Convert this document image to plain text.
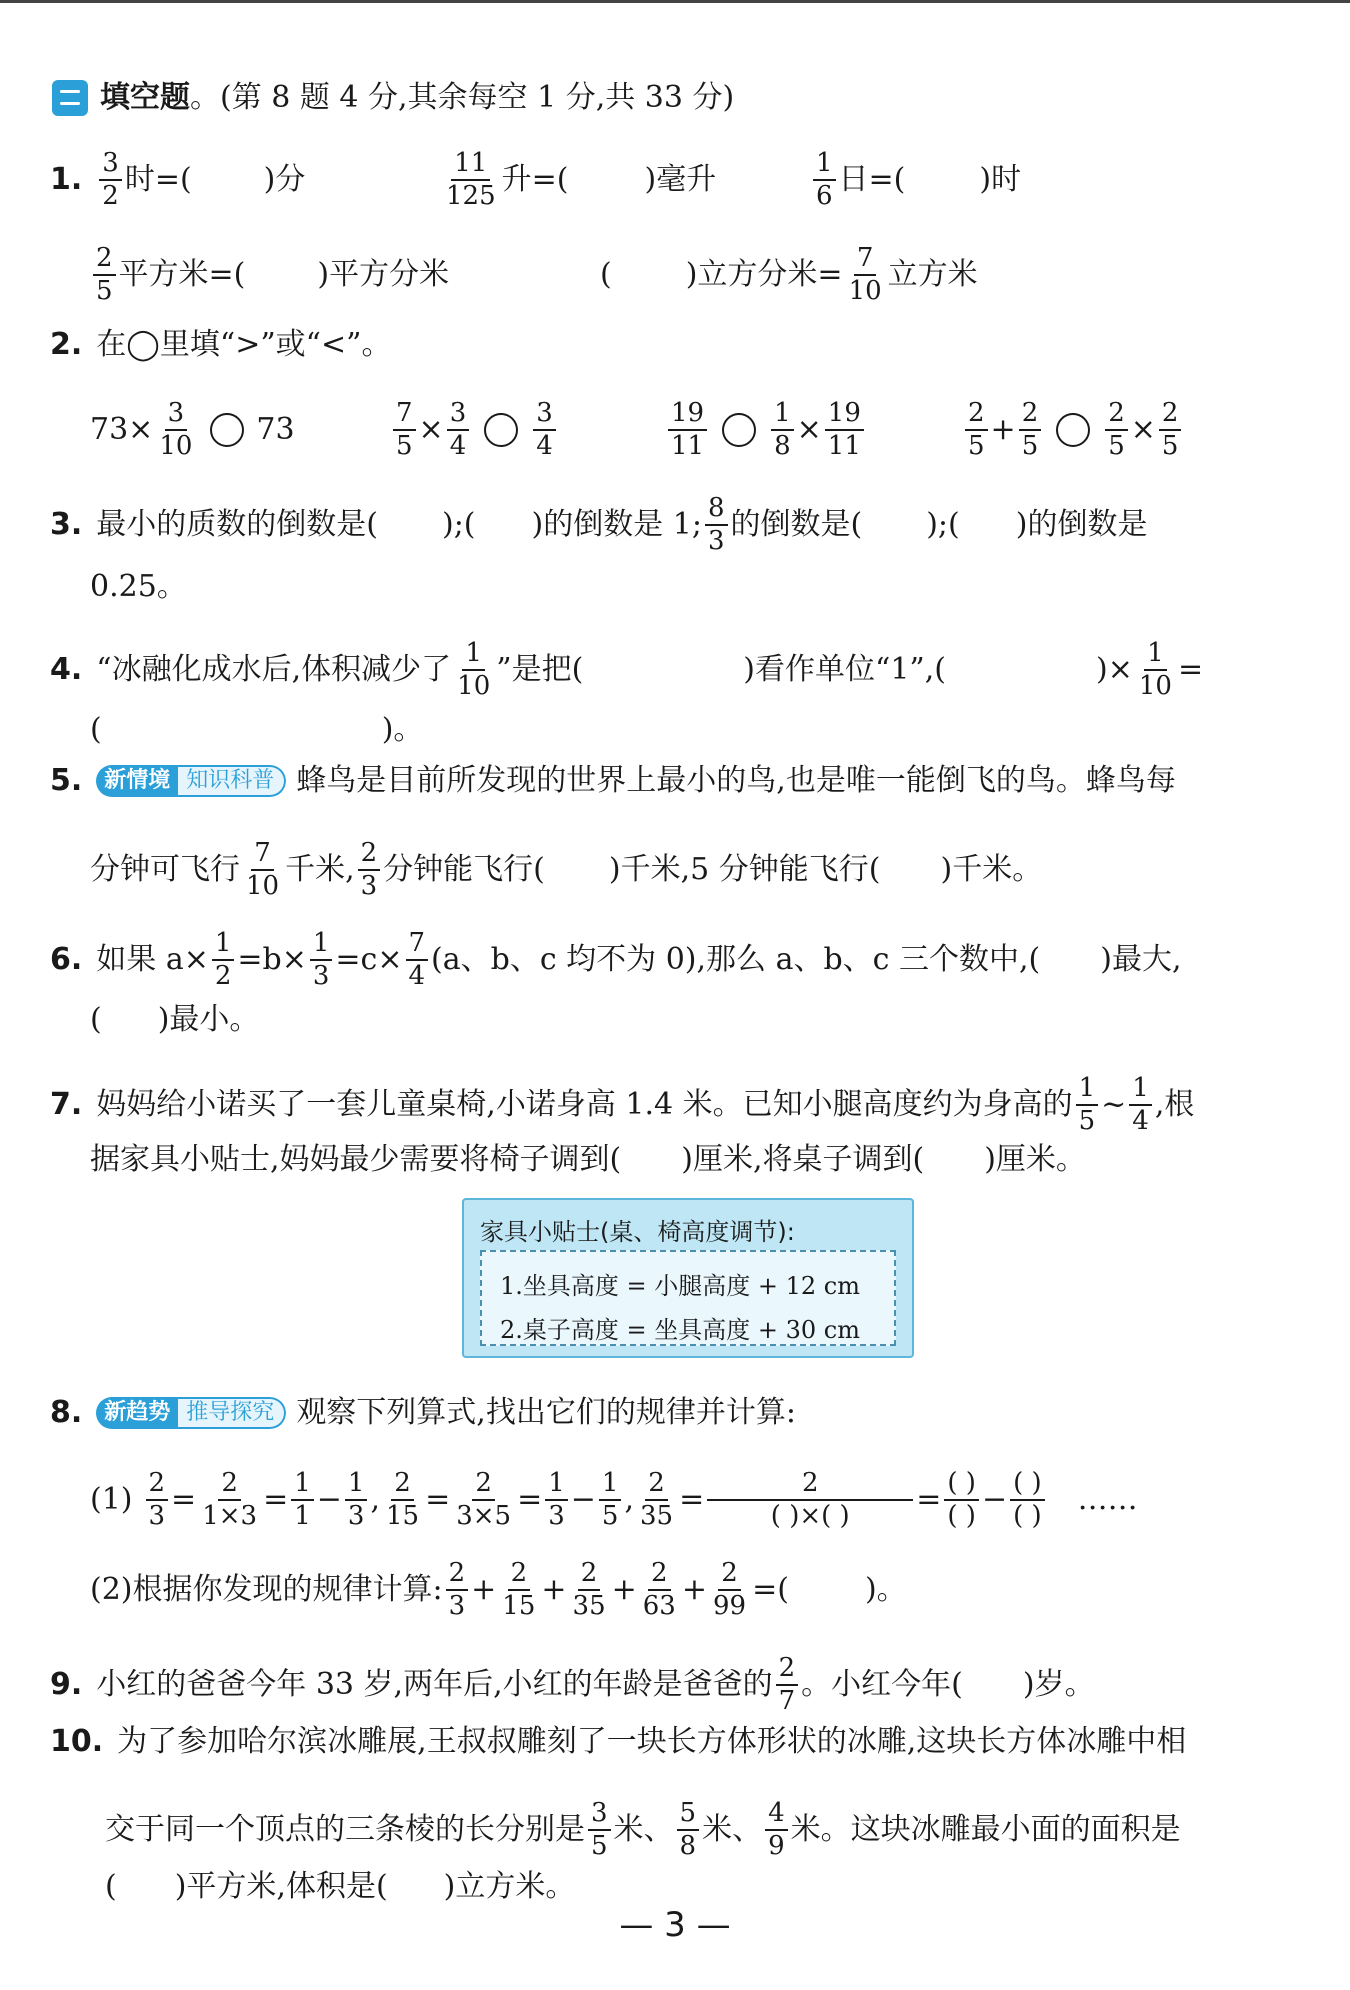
填空题 。(第 8 题 4 分,其余每空 1 分,共 33 分)
1. $\frac{3}{2}$ 时=( )分	$\frac{11}{125}$ 升=(	)毫升	$\frac{1}{6}$ 日=( )时
$\frac{2}{5}$ 平方米=( )平方分米	( )立方分米= $\frac{7}{10}$ 立方米
2. 在◯里填“>”或“<”。
$73\times \frac{3}{10} 73$	$\frac{7}{5} \times \frac{3}{4} \frac{3}{4}$	$\frac{19}{11} \frac{1}{8} \times \frac{19}{11}$	$\frac{2}{5} + \frac{2}{5} \frac{2}{5} \times \frac{2}{5}$
3. 最小的质数的倒数是( );( )的倒数是 1; $\frac{8}{3}$ 的倒数是( );( )的倒数是
0.25。
4. “冰融化成水后,体积减少了 $\frac{1}{10}$ ”是把(	)看作单位“1”,(	)× $\frac{1}{10}$ =
(	)。
5.	新情境 知识科普 蜂鸟是目前所发现的世界上最小的鸟,也是唯一能倒飞的鸟。蜂鸟每
分钟可飞行 $\frac{7}{10}$ 千米, $\frac{2}{3}$ 分钟能飞行( )千米,5 分钟能飞行( )千米。
6. 如果 $a\times \frac{1}{2} =b\times \frac{1}{3} =c\times \frac{7}{4} (a$、b、c 均不为 0),那么 a、b、c 三个数中,( )最大,
( )最小。
7. 妈妈给小诺买了一套儿童桌椅,小诺身高 1.4 米。已知小腿高度约为身高的 $\frac{1}{5}$ ~ $\frac{1}{4}$ ,根
据家具小贴士,妈妈最少需要将椅子调到( )厘米,将桌子调到( )厘米。
家具小贴士(桌、椅高度调节):
1.坐具高度 = 小腿高度 + 12 cm
2.桌子高度 = 坐具高度 + 30 cm
8.	新趋势 推导探究 观察下列算式,找出它们的规律并计算:
$(1) \frac{2}{3} = \frac{2}{1\times 3} = \frac{1}{1} - \frac{1}{3}$ , $\frac{2}{15} = \frac{2}{3\times 5} = \frac{1}{3} - \frac{1}{5}$ , $\frac{2}{35} = \frac{2}{( )\times( )} = \frac{( )}{( )} - \frac{( )}{( )}$ ……
(2)根据你发现的规律计算: $\frac{2}{3} + \frac{2}{15} + \frac{2}{35} + \frac{2}{63} + \frac{2}{99}$ =(	)。
9. 小红的爸爸今年 33 岁,两年后,小红的年龄是爸爸的 $\frac{2}{7}$ 。小红今年( )岁。
10. 为了参加哈尔滨冰雕展,王叔叔雕刻了一块长方体形状的冰雕,这块长方体冰雕中相
交于同一个顶点的三条棱的长分别是 $\frac{3}{5}$ 米、 $\frac{5}{8}$ 米、 $\frac{4}{9}$ 米。这块冰雕最小面的面积是
( )平方米,体积是( )立方米。
— 3 —
